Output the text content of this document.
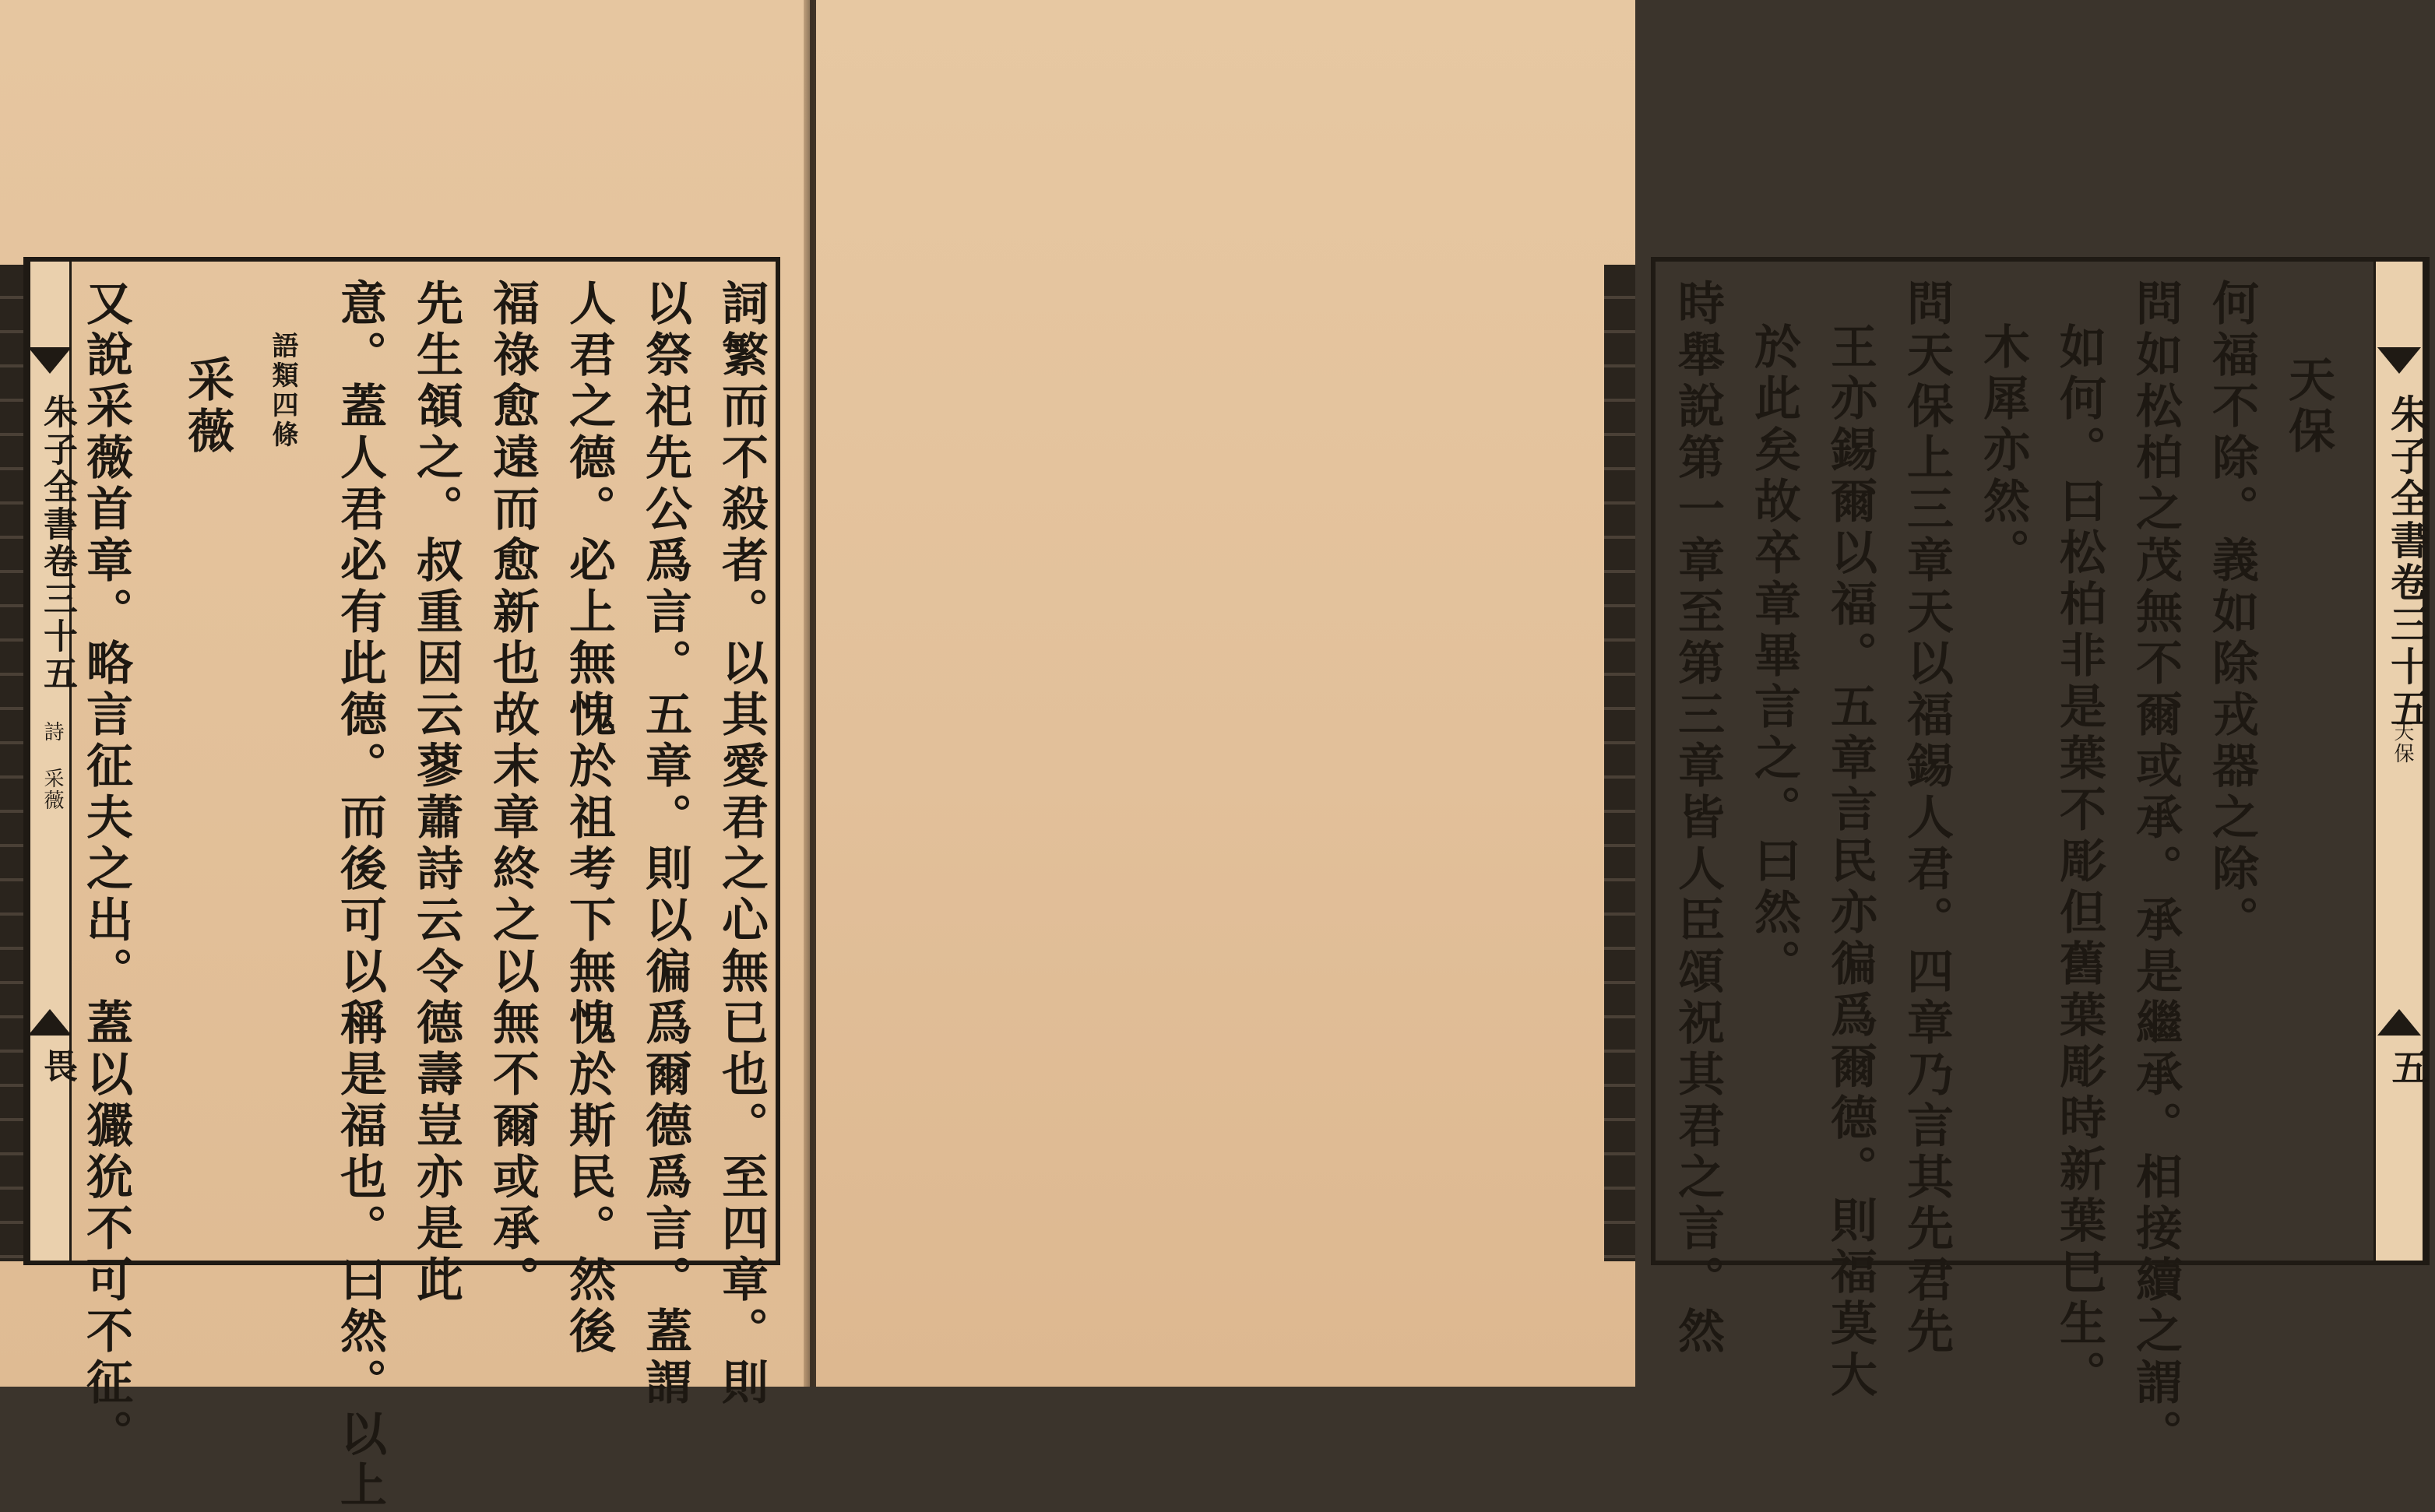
朱子全書卷三十五
詩 采薇
畏	詞繁而不殺者。以其愛君之心無已也。至四章。則
以祭祀先公爲言。五章。則以徧爲爾德爲言。蓋謂
人君之德。必上無愧於祖考下無愧於斯民。然後
福祿愈遠而愈新也故末章終之以無不爾或承。
先生頷之。叔重因云蓼蕭詩云令德壽豈亦是此
意。蓋人君必有此德。而後可以稱是福也。曰然。以上
語類四條
采薇
又說采薇首章。略言征夫之出。蓋以玁狁不可不征。	朱子全書卷三十五
天保
五
天保
何福不除。義如除戎器之除。
問如松柏之茂無不爾或承。承是繼承。相接續之謂。
如何。曰松柏非是葉不彫但舊葉彫時新葉巳生。
木犀亦然。
問天保上三章天以福錫人君。四章乃言其先君先
王亦錫爾以福。五章言民亦徧爲爾德。則福莫大
於此矣故卒章畢言之。曰然。
時舉說第一章至第三章皆人臣頌祝其君之言。然
